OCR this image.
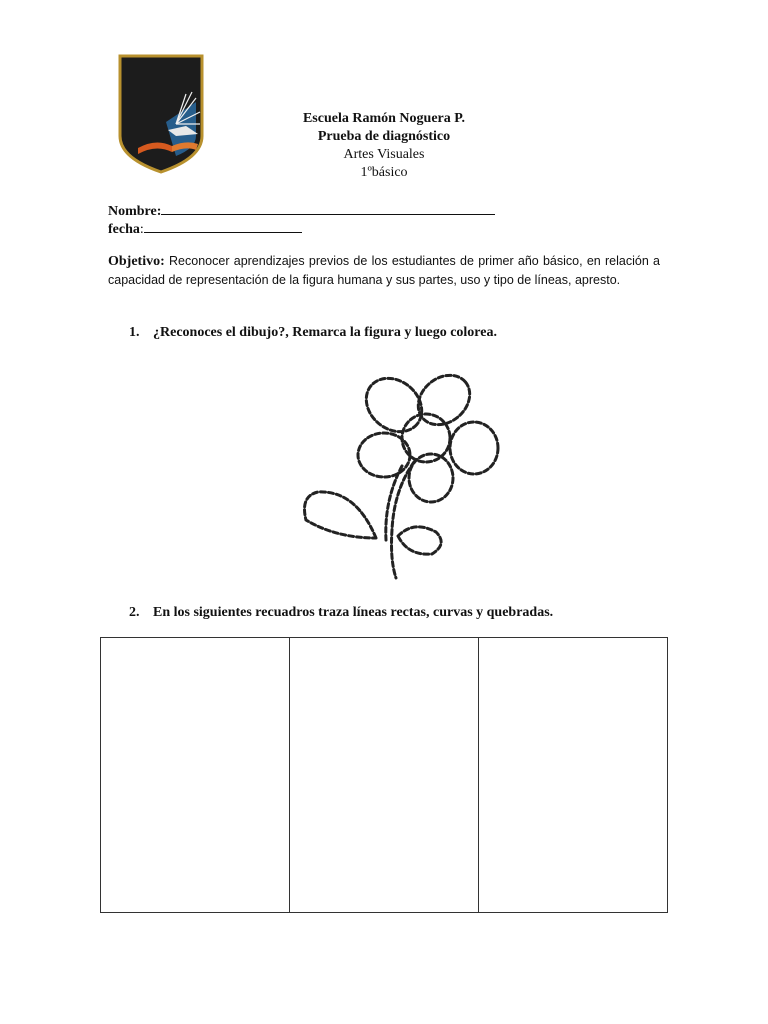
Escuela Ramón Noguera P.
Prueba de diagnóstico
Artes Visuales
1ºbásico
Nombre:
fecha:
Objetivo: Reconocer aprendizajes previos de los estudiantes de primer año básico, en relación a capacidad de representación de la figura humana y sus partes, uso y tipo de líneas, apresto.
1. ¿Reconoces el dibujo?, Remarca la figura y luego colorea.
2. En los siguientes recuadros traza líneas rectas, curvas y quebradas.
